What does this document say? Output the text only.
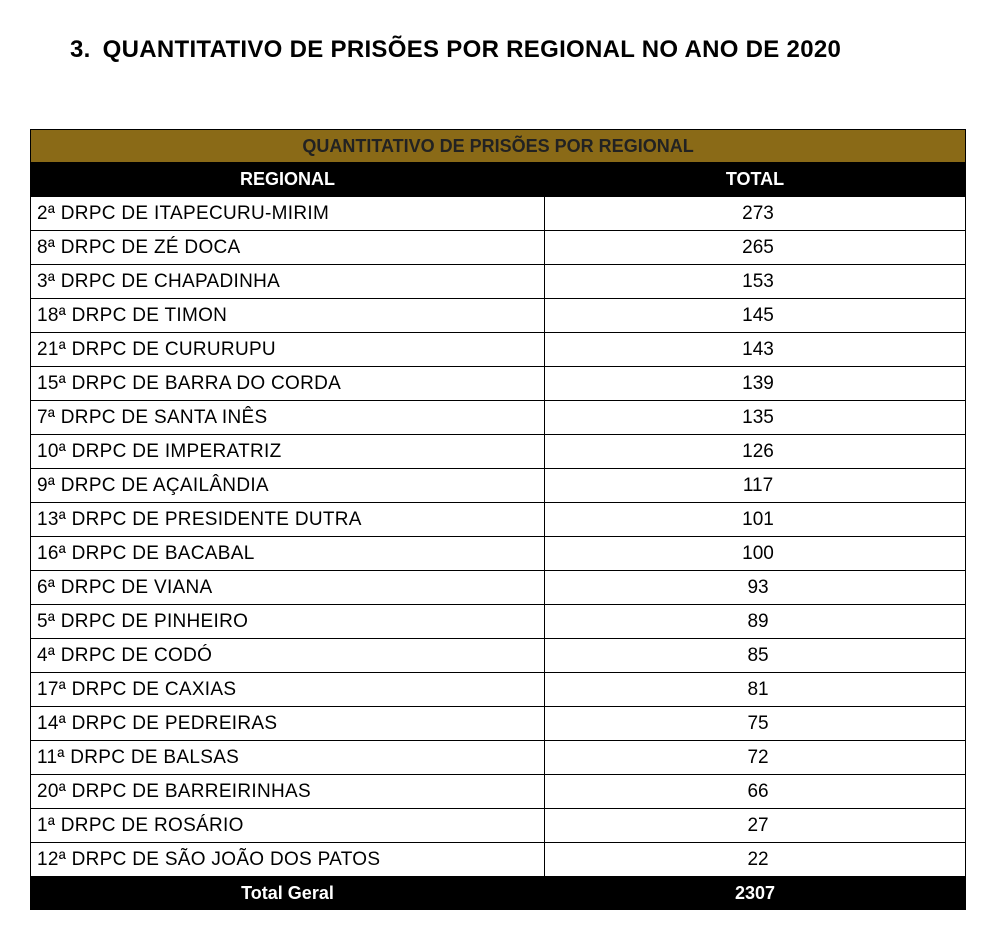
3. QUANTITATIVO DE PRISÕES POR REGIONAL NO ANO DE 2020
QUANTITATIVO DE PRISÕES POR REGIONAL	
REGIONAL	TOTAL
2ª DRPC DE ITAPECURU-MIRIM	273
8ª DRPC DE ZÉ DOCA	265
3ª DRPC DE CHAPADINHA	153
18ª DRPC DE TIMON	145
21ª DRPC DE CURURUPU	143
15ª DRPC DE BARRA DO CORDA	139
7ª DRPC DE SANTA INÊS	135
10ª DRPC DE IMPERATRIZ	126
9ª DRPC DE AÇAILÂNDIA	117
13ª DRPC DE PRESIDENTE DUTRA	101
16ª DRPC DE BACABAL	100
6ª DRPC DE VIANA	93
5ª DRPC DE PINHEIRO	89
4ª DRPC DE CODÓ	85
17ª DRPC DE CAXIAS	81
14ª DRPC DE PEDREIRAS	75
11ª DRPC DE BALSAS	72
20ª DRPC DE BARREIRINHAS	66
1ª DRPC DE ROSÁRIO	27
12ª DRPC DE SÃO JOÃO DOS PATOS	22
Total Geral	2307
